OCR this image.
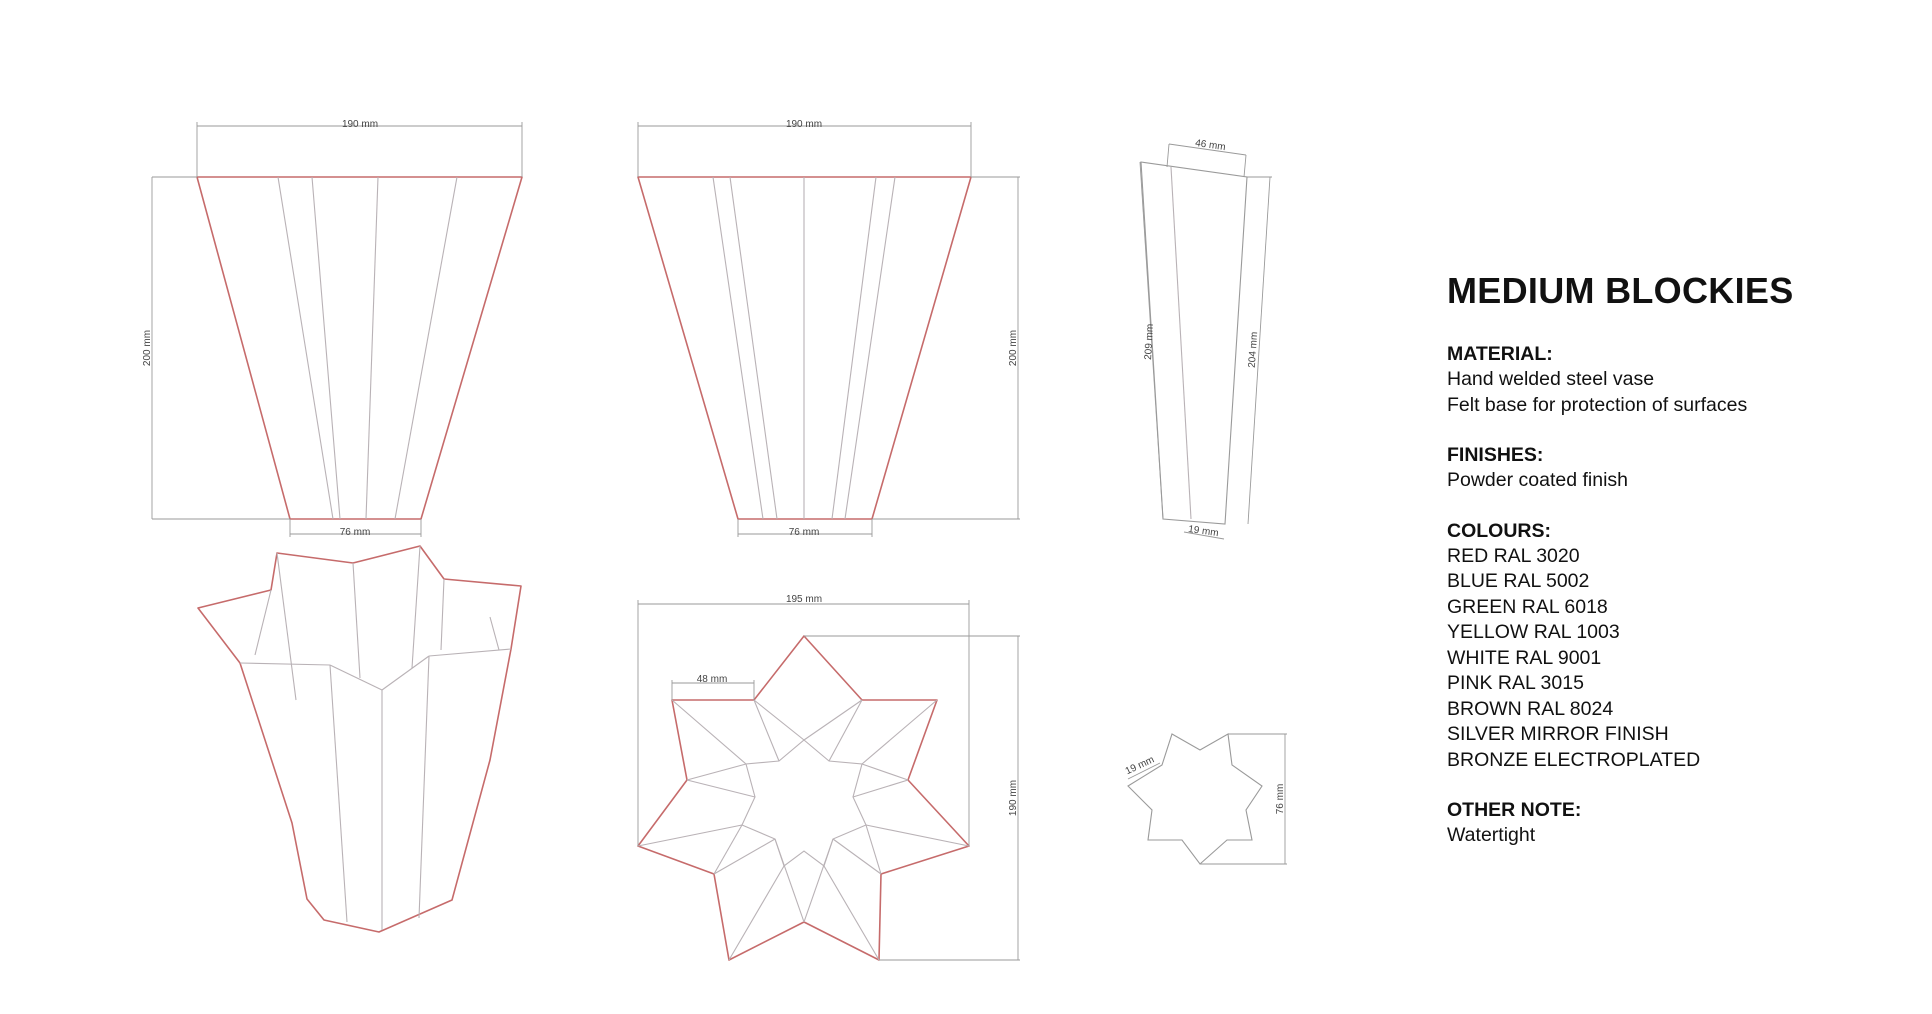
190 mm
200 mm
76 mm
190 mm
200 mm
76 mm
46 mm
209 mm	204 mm
19 mm
195 mm
48 mm
190 mm
19 mm
76 mm
MEDIUM BLOCKIES
MATERIAL:
Hand welded steel vase
Felt base for protection of surfaces
FINISHES:
Powder coated finish
COLOURS:
RED RAL 3020
BLUE RAL 5002
GREEN RAL 6018
YELLOW RAL 1003
WHITE RAL 9001
PINK RAL 3015
BROWN RAL 8024
SILVER MIRROR FINISH
BRONZE ELECTROPLATED
OTHER NOTE:
Watertight
